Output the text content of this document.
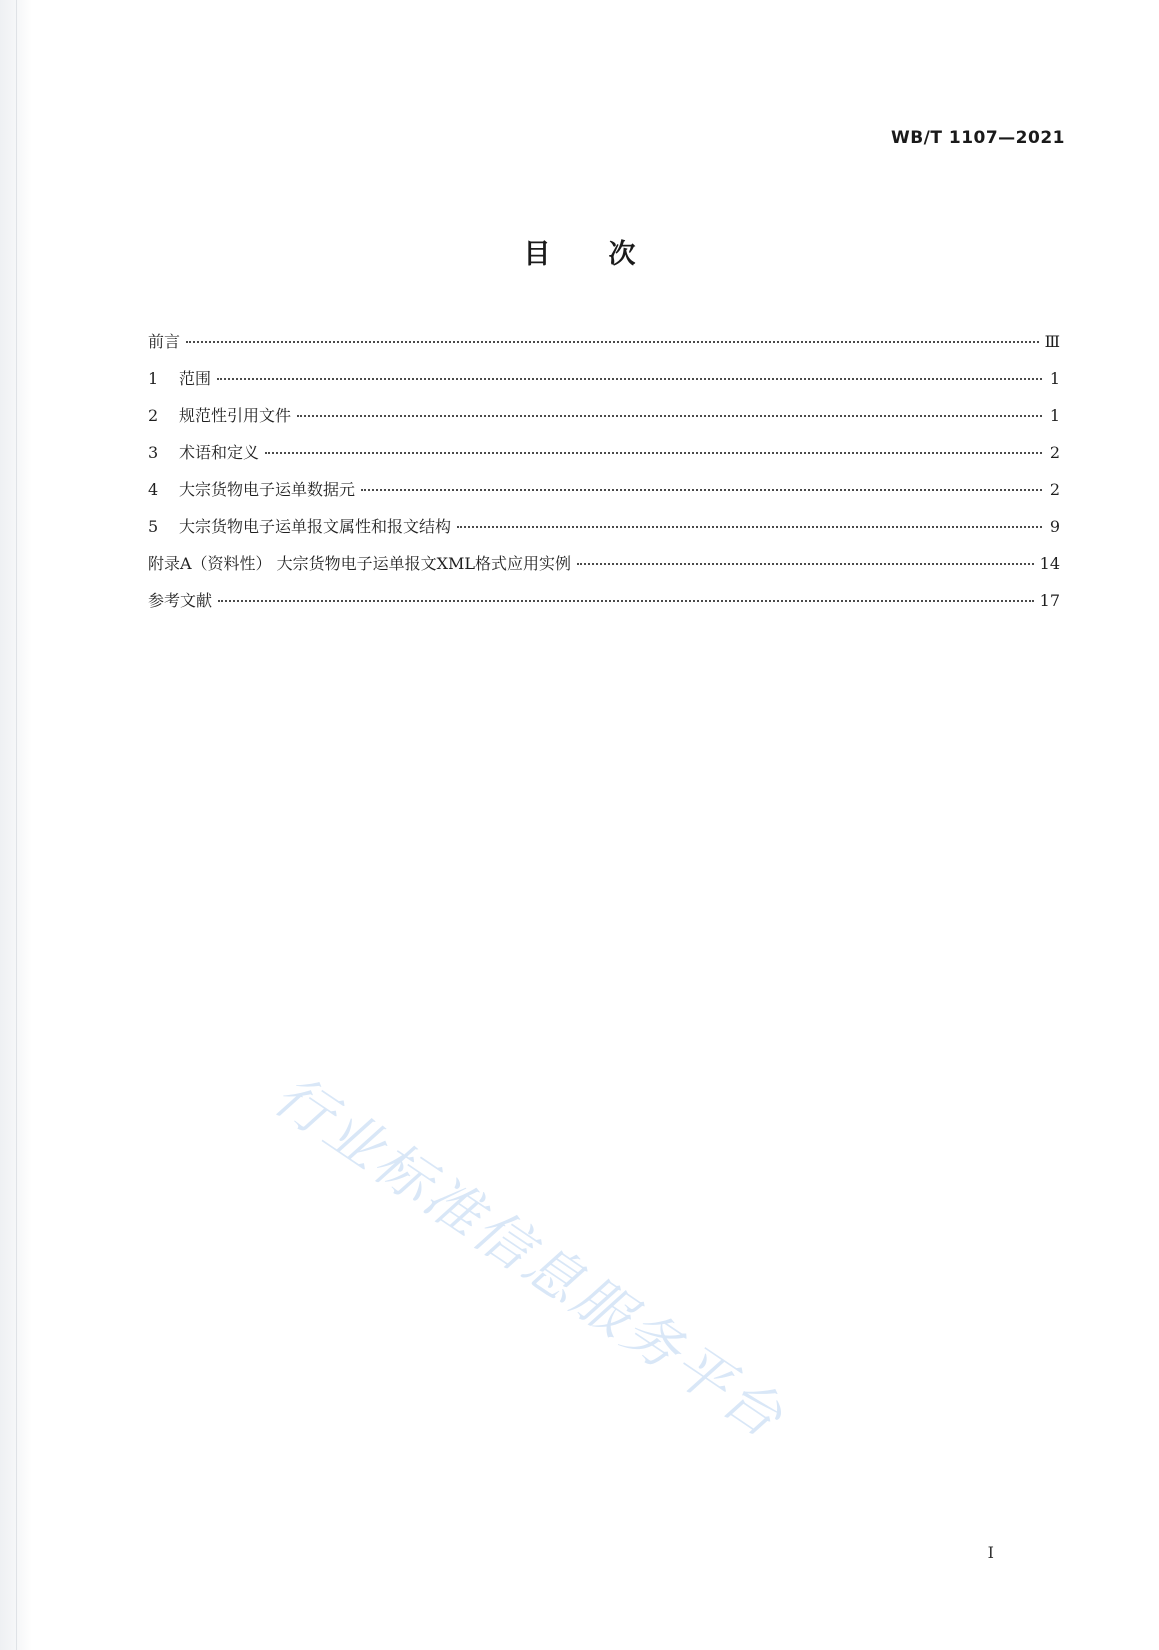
WB/T 1107—2021
目次
前言	Ⅲ
1	范围	1
2	规范性引用文件	1
3	术语和定义	2
4	大宗货物电子运单数据元	2
5	大宗货物电子运单报文属性和报文结构	9
附录A（资料性） 大宗货物电子运单报文XML格式应用实例	14
参考文献	17
行业标准信息服务平台
I
